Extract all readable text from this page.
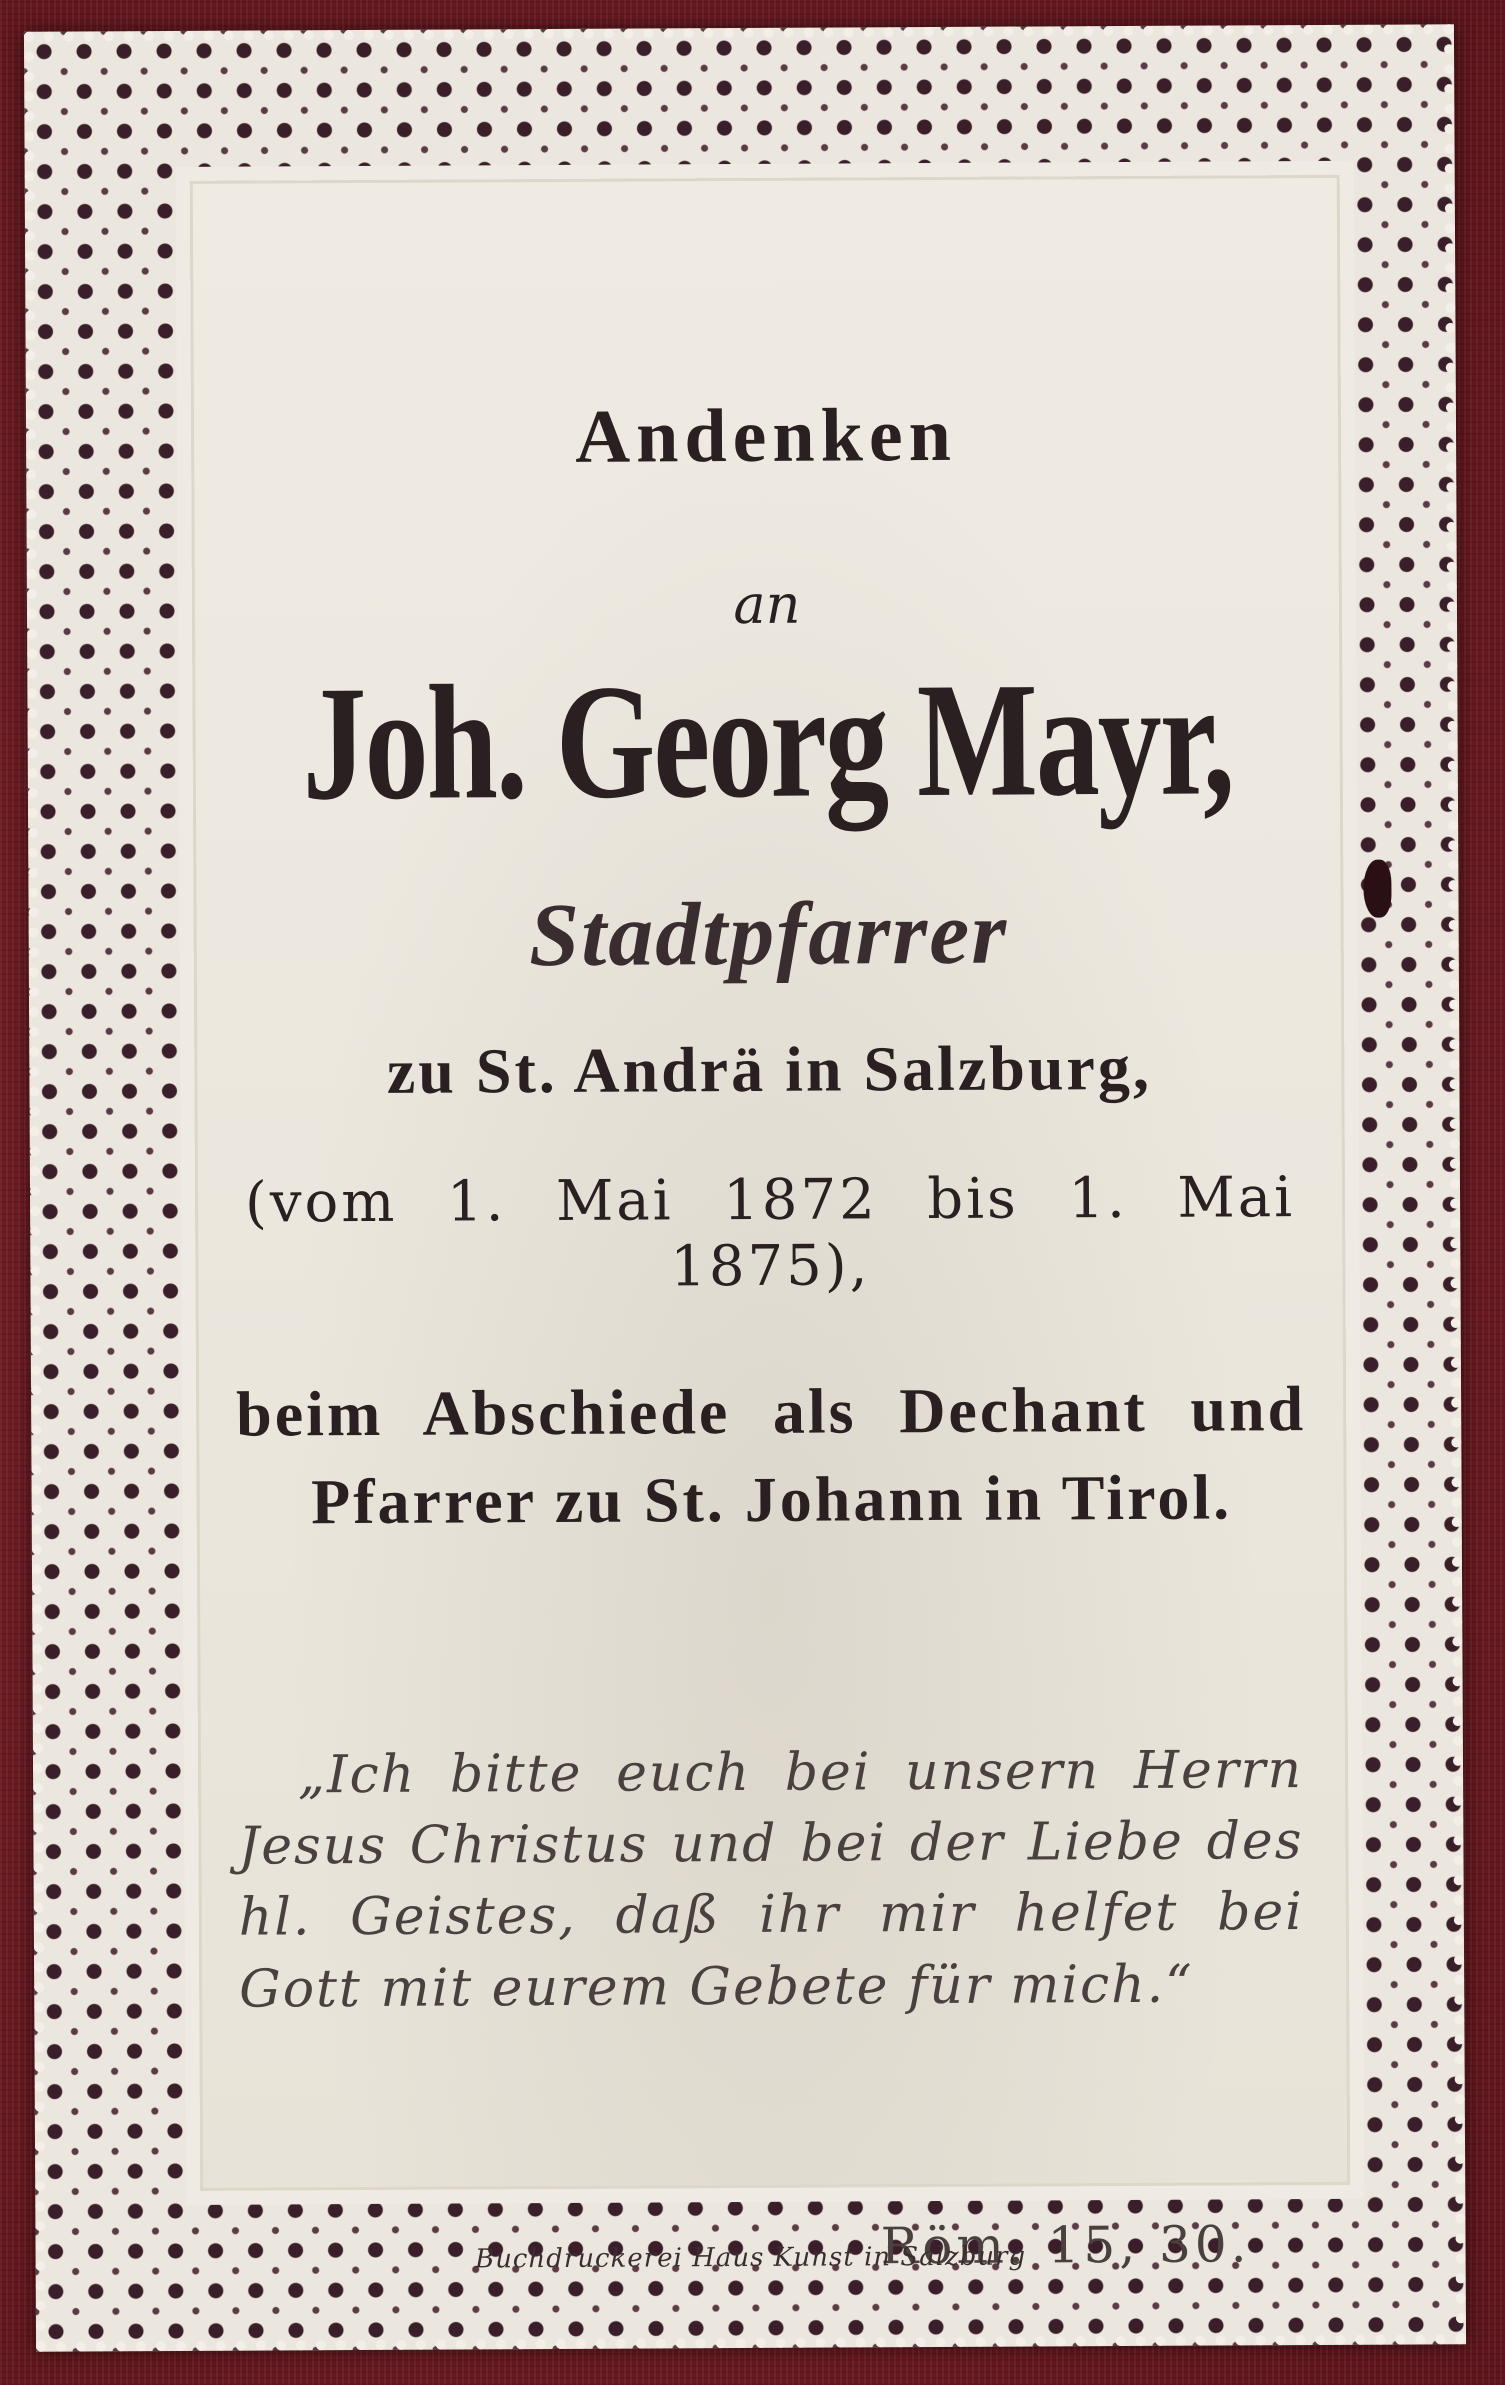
Andenken
an
Joh. Georg Mayr,
Stadtpfarrer
zu St. Andrä in Salzburg,
(vom 1. Mai 1872 bis 1. Mai 1875),
beim Abschiede als Dechant und Pfarrer zu St. Johann in Tirol.
„Ich bitte euch bei unsern Herrn Jesus Christus und bei der Liebe des hl. Geistes, daß ihr mir helfet bei Gott mit eurem Gebete für mich.“
Röm. 15, 30.
Buchdruckerei Haus Kunst in Salzburg
